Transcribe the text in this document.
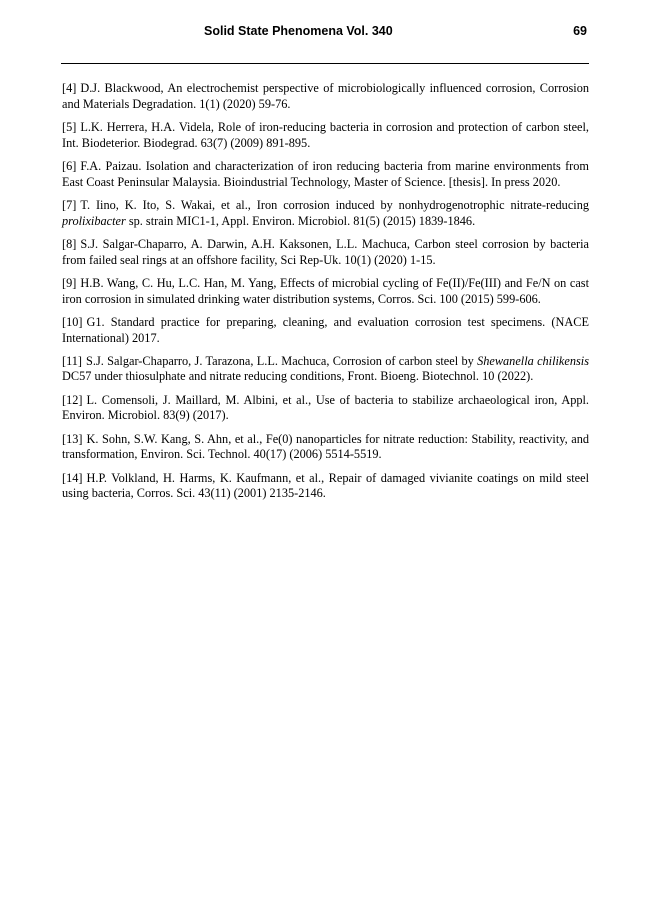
Solid State Phenomena Vol. 340	69

[4] D.J. Blackwood, An electrochemist perspective of microbiologically influenced corrosion, Corrosion and Materials Degradation. 1(1) (2020) 59-76.

[5] L.K. Herrera, H.A. Videla, Role of iron-reducing bacteria in corrosion and protection of carbon steel, Int. Biodeterior. Biodegrad. 63(7) (2009) 891-895.

[6] F.A. Paizau. Isolation and characterization of iron reducing bacteria from marine environments from East Coast Peninsular Malaysia. Bioindustrial Technology, Master of Science. [thesis]. In press 2020.

[7] T. Iino, K. Ito, S. Wakai, et al., Iron corrosion induced by nonhydrogenotrophic nitrate-reducing prolixibacter sp. strain MIC1-1, Appl. Environ. Microbiol. 81(5) (2015) 1839-1846.

[8] S.J. Salgar-Chaparro, A. Darwin, A.H. Kaksonen, L.L. Machuca, Carbon steel corrosion by bacteria from failed seal rings at an offshore facility, Sci Rep-Uk. 10(1) (2020) 1-15.

[9] H.B. Wang, C. Hu, L.C. Han, M. Yang, Effects of microbial cycling of Fe(II)/Fe(III) and Fe/N on cast iron corrosion in simulated drinking water distribution systems, Corros. Sci. 100 (2015) 599-606.

[10] G1. Standard practice for preparing, cleaning, and evaluation corrosion test specimens. (NACE International) 2017.

[11] S.J. Salgar-Chaparro, J. Tarazona, L.L. Machuca, Corrosion of carbon steel by Shewanella chilikensis DC57 under thiosulphate and nitrate reducing conditions, Front. Bioeng. Biotechnol. 10 (2022).

[12] L. Comensoli, J. Maillard, M. Albini, et al., Use of bacteria to stabilize archaeological iron, Appl. Environ. Microbiol. 83(9) (2017).

[13] K. Sohn, S.W. Kang, S. Ahn, et al., Fe(0) nanoparticles for nitrate reduction: Stability, reactivity, and transformation, Environ. Sci. Technol. 40(17) (2006) 5514-5519.

[14] H.P. Volkland, H. Harms, K. Kaufmann, et al., Repair of damaged vivianite coatings on mild steel using bacteria, Corros. Sci. 43(11) (2001) 2135-2146.
